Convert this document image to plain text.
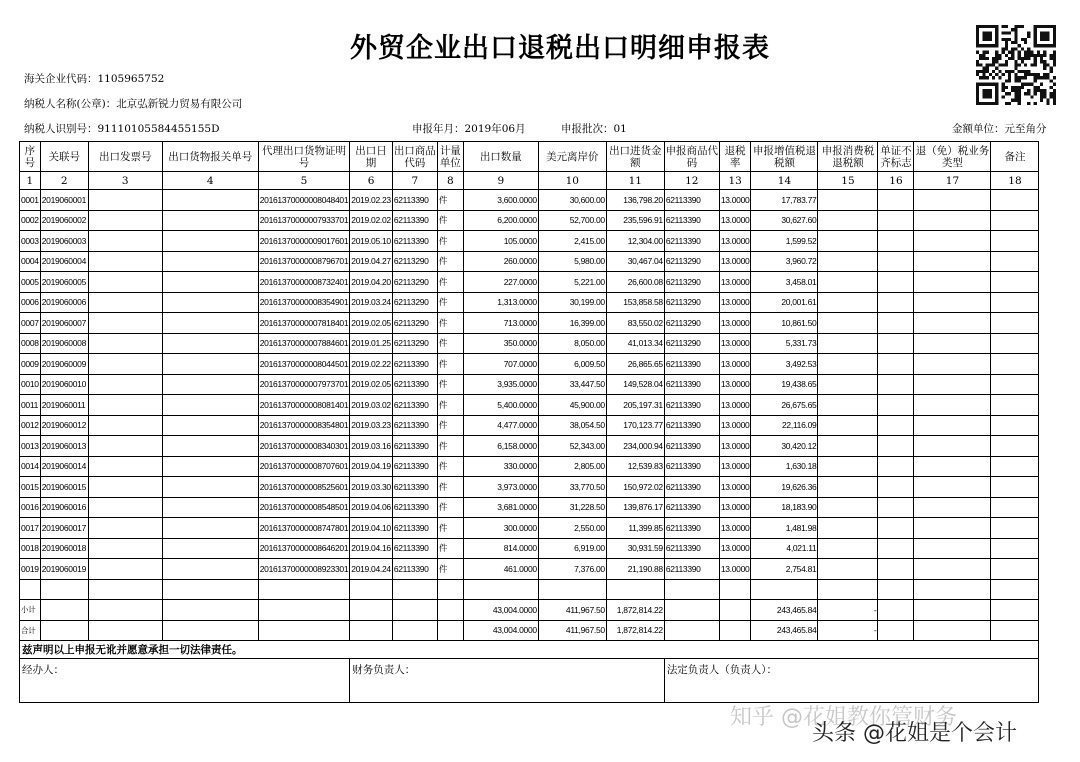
外贸企业出口退税出口明细申报表
海关企业代码：1105965752
纳税人名称(公章)：北京弘新锐力贸易有限公司
纳税人识别号：91110105584455155D	申报年月：2019年06月	申报批次：01	金额单位：元至角分
序号	关联号	出口发票号	出口货物报关单号	代理出口货物证明号	出口日期	出口商品代码	计量单位	出口数量	美元离岸价	出口进货金额	申报商品代码	退税率	申报增值税退税额	申报消费税退税额	单证不齐标志	退（免）税业务类型	备注
1	2	3	4	5	6	7	8	9	10	11	12	13	14	15	16	17	18
0001	2019060001			20161370000008048401	2019.02.23	62113390	件	3,600.0000	30,600.00	136,798.20	62113390	13.0000	17,783.77				
0002	2019060002			20161370000007933701	2019.02.02	62113390	件	6,200.0000	52,700.00	235,596.91	62113390	13.0000	30,627.60				
0003	2019060003			20161370000009017601	2019.05.10	62113390	件	105.0000	2,415.00	12,304.00	62113390	13.0000	1,599.52				
0004	2019060004			20161370000008796701	2019.04.27	62113290	件	260.0000	5,980.00	30,467.04	62113290	13.0000	3,960.72				
0005	2019060005			20161370000008732401	2019.04.20	62113290	件	227.0000	5,221.00	26,600.08	62113290	13.0000	3,458.01				
0006	2019060006			20161370000008354901	2019.03.24	62113290	件	1,313.0000	30,199.00	153,858.58	62113290	13.0000	20,001.61				
0007	2019060007			20161370000007818401	2019.02.05	62113290	件	713.0000	16,399.00	83,550.02	62113290	13.0000	10,861.50				
0008	2019060008			20161370000007884601	2019.01.25	62113290	件	350.0000	8,050.00	41,013.34	62113290	13.0000	5,331.73				
0009	2019060009			20161370000008044501	2019.02.22	62113390	件	707.0000	6,009.50	26,865.65	62113390	13.0000	3,492.53				
0010	2019060010			20161370000007973701	2019.02.05	62113390	件	3,935.0000	33,447.50	149,528.04	62113390	13.0000	19,438.65				
0011	2019060011			20161370000008081401	2019.03.02	62113390	件	5,400.0000	45,900.00	205,197.31	62113390	13.0000	26,675.65				
0012	2019060012			20161370000008354801	2019.03.23	62113390	件	4,477.0000	38,054.50	170,123.77	62113390	13.0000	22,116.09				
0013	2019060013			20161370000008340301	2019.03.16	62113390	件	6,158.0000	52,343.00	234,000.94	62113390	13.0000	30,420.12				
0014	2019060014			20161370000008707601	2019.04.19	62113390	件	330.0000	2,805.00	12,539.83	62113390	13.0000	1,630.18				
0015	2019060015			20161370000008525601	2019.03.30	62113390	件	3,973.0000	33,770.50	150,972.02	62113390	13.0000	19,626.36				
0016	2019060016			20161370000008548501	2019.04.06	62113390	件	3,681.0000	31,228.50	139,876.17	62113390	13.0000	18,183.90				
0017	2019060017			20161370000008747801	2019.04.10	62113390	件	300.0000	2,550.00	11,399.85	62113390	13.0000	1,481.98				
0018	2019060018			20161370000008646201	2019.04.16	62113390	件	814.0000	6,919.00	30,931.59	62113390	13.0000	4,021.11				
0019	2019060019			20161370000008923301	2019.04.24	62113390	件	461.0000	7,376.00	21,190.88	62113390	13.0000	2,754.81				

小计								43,004.0000	411,967.50	1,872,814.22			243,465.84	-			
合计								43,004.0000	411,967.50	1,872,814.22			243,465.84	-			
兹声明以上申报无讹并愿意承担一切法律责任。																	
经办人：					财务负责人：						法定负责人（负责人）：						
知乎 @花姐教你管财务
头条 @花姐是个会计
